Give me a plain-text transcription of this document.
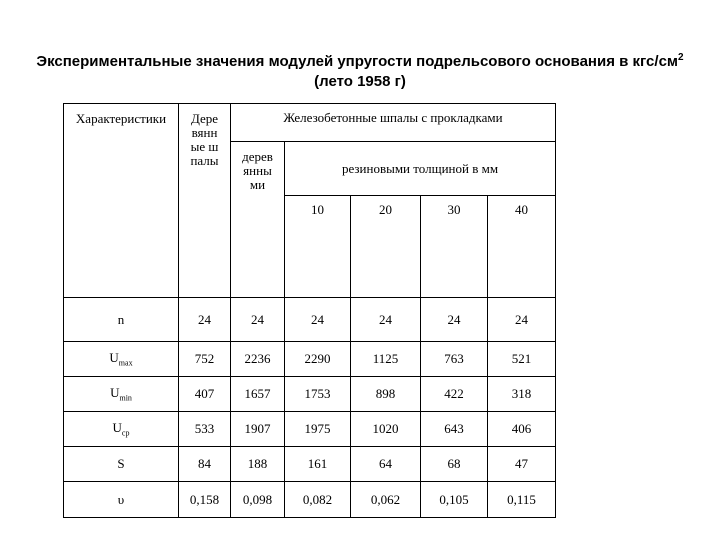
Экспериментальные значения модулей упругости подрельсового основания в кгс/$см^2$
(лето 1958 г)
Характеристики	Деревянные шпалы	Железобетонные шпалы с прокладками				

		деревянными	резиновыми толщиной в мм			
			10	20	30	40
n	24	24	24	24	24	24
$U_{max}$	752	2236	2290	1125	763	521
$U_{min}$	407	1657	1753	898	422	318
$U_{ср}$	533	1907	1975	1020	643	406
S	84	188	161	64	68	47
υ	0,158	0,098	0,082	0,062	0,105	0,115
